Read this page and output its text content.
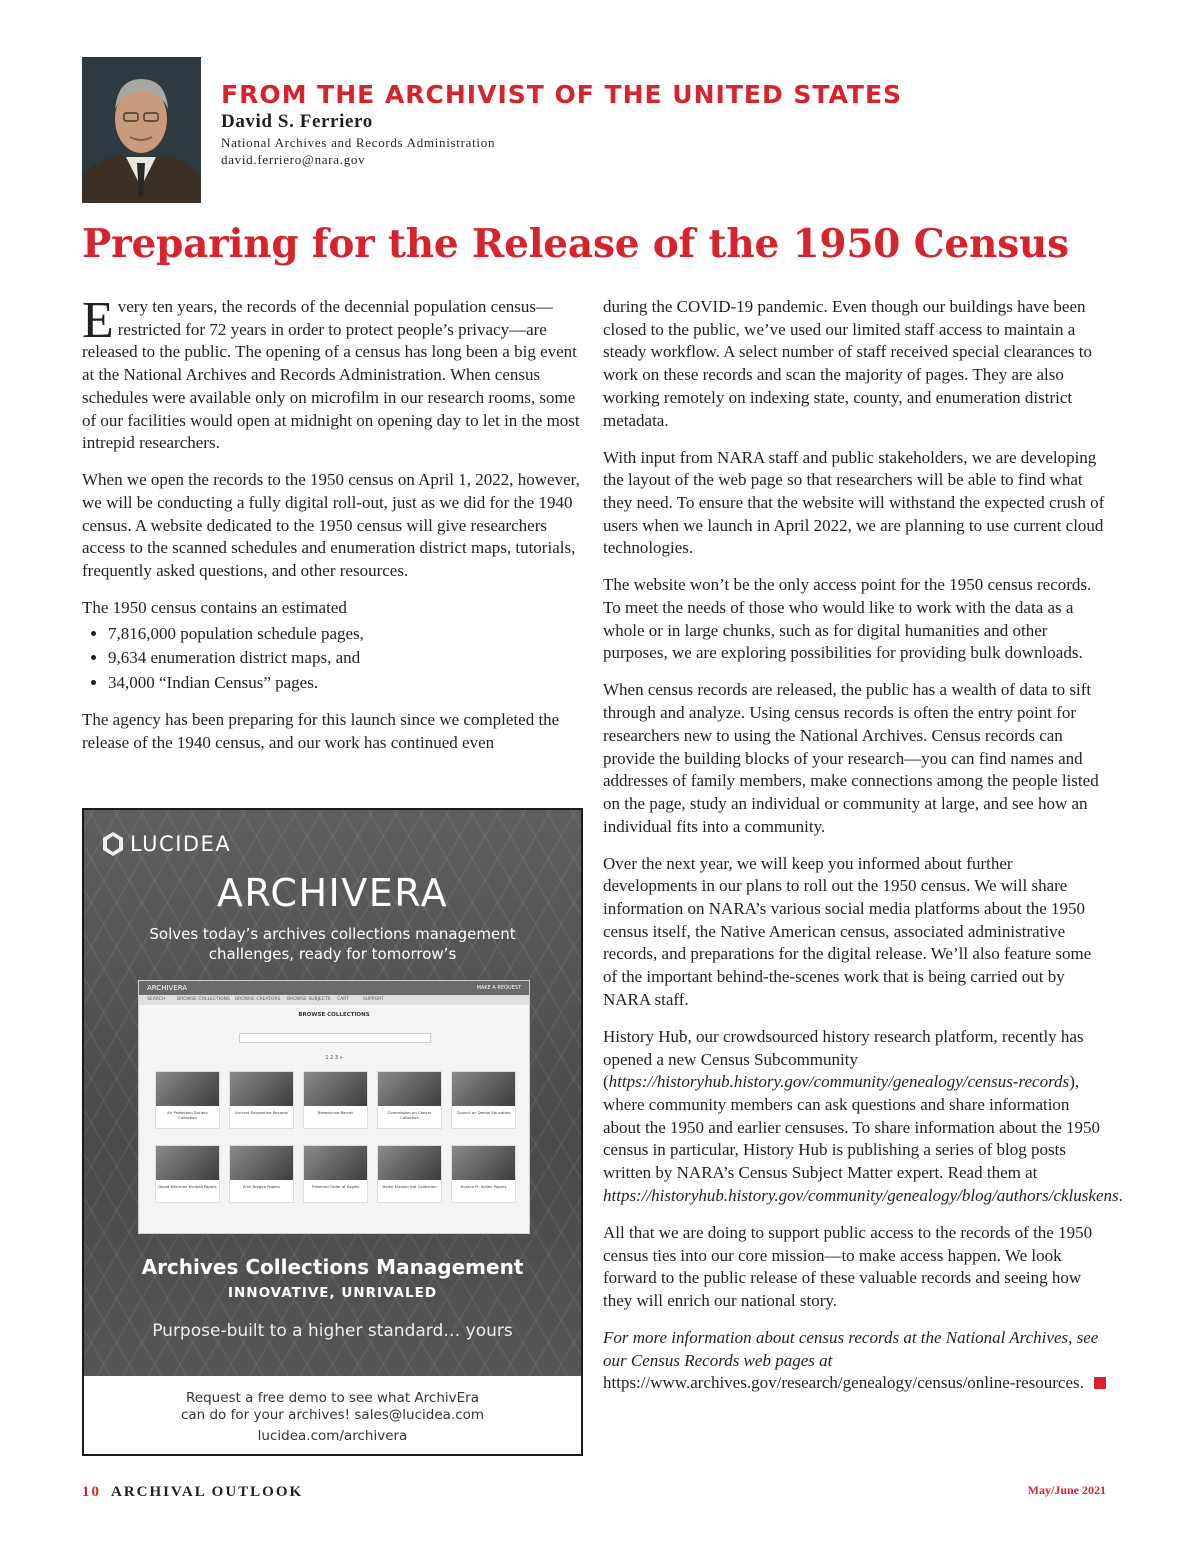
FROM THE ARCHIVIST OF THE UNITED STATES
David S. Ferriero
National Archives and Records Administration
david.ferriero@nara.gov
Preparing for the Release of the 1950 Census

Every ten years, the records of the decennial population census—restricted for 72 years in order to protect people’s privacy—are released to the public. The opening of a census has long been a big event at the National Archives and Records Administration. When census schedules were available only on microfilm in our research rooms, some of our facilities would open at midnight on opening day to let in the most intrepid researchers.

When we open the records to the 1950 census on April 1, 2022, however, we will be conducting a fully digital roll-out, just as we did for the 1940 census. A website dedicated to the 1950 census will give researchers access to the scanned schedules and enumeration district maps, tutorials, frequently asked questions, and other resources.

The 1950 census contains an estimated
• 7,816,000 population schedule pages,
• 9,634 enumeration district maps, and
• 34,000 “Indian Census” pages.

The agency has been preparing for this launch since we completed the release of the 1940 census, and our work has continued even

during the COVID-19 pandemic. Even though our buildings have been closed to the public, we’ve used our limited staff access to maintain a steady workflow. A select number of staff received special clearances to work on these records and scan the majority of pages. They are also working remotely on indexing state, county, and enumeration district metadata.

With input from NARA staff and public stakeholders, we are developing the layout of the web page so that researchers will be able to find what they need. To ensure that the website will withstand the expected crush of users when we launch in April 2022, we are planning to use current cloud technologies.

The website won’t be the only access point for the 1950 census records. To meet the needs of those who would like to work with the data as a whole or in large chunks, such as for digital humanities and other purposes, we are exploring possibilities for providing bulk downloads.

When census records are released, the public has a wealth of data to sift through and analyze. Using census records is often the entry point for researchers new to using the National Archives. Census records can provide the building blocks of your research—you can find names and addresses of family members, make connections among the people listed on the page, study an individual or community at large, and see how an individual fits into a community.

Over the next year, we will keep you informed about further developments in our plans to roll out the 1950 census. We will share information on NARA’s various social media platforms about the 1950 census itself, the Native American census, associated administrative records, and preparations for the digital release. We’ll also feature some of the important behind-the-scenes work that is being carried out by NARA staff.

History Hub, our crowdsourced history research platform, recently has opened a new Census Subcommunity (https://historyhub.history.gov/community/genealogy/census-records), where community members can ask questions and share information about the 1950 and earlier censuses. To share information about the 1950 census in particular, History Hub is publishing a series of blog posts written by NARA’s Census Subject Matter expert. Read them at https://historyhub.history.gov/community/genealogy/blog/authors/ckluskens.

All that we are doing to support public access to the records of the 1950 census ties into our core mission—to make access happen. We look forward to the public release of these valuable records and seeing how they will enrich our national story.

For more information about census records at the National Archives, see our Census Records web pages at https://www.archives.gov/research/genealogy/census/online-resources.

LUCIDEA
ARCHIVERA
Solves today’s archives collections management challenges, ready for tomorrow’s
ARCHIVERA	MAKE A REQUEST
SEARCH	BROWSE COLLECTIONS BROWSE CREATORS BROWSE SUBJECTS CART	SUPPORT
BROWSE COLLECTIONS
1 2 3 »
Air Protection Society Collection
Ancient Serpentine Records	Brewdynne Barrali	Commission on Cancer Collection
Council on Dental Education
David Kilerman Kimball Papers	Emil Bregire Papers	Fraternal Order of Eagles	Helen Eleanor Kat Collection	Horace M. Kallen Papers
Archives Collections Management
INNOVATIVE, UNRIVALED
Purpose-built to a higher standard… yours
Request a free demo to see what ArchivEra
can do for your archives! sales@lucidea.com
lucidea.com/archivera
10 ARCHIVAL OUTLOOK	May/June 2021
